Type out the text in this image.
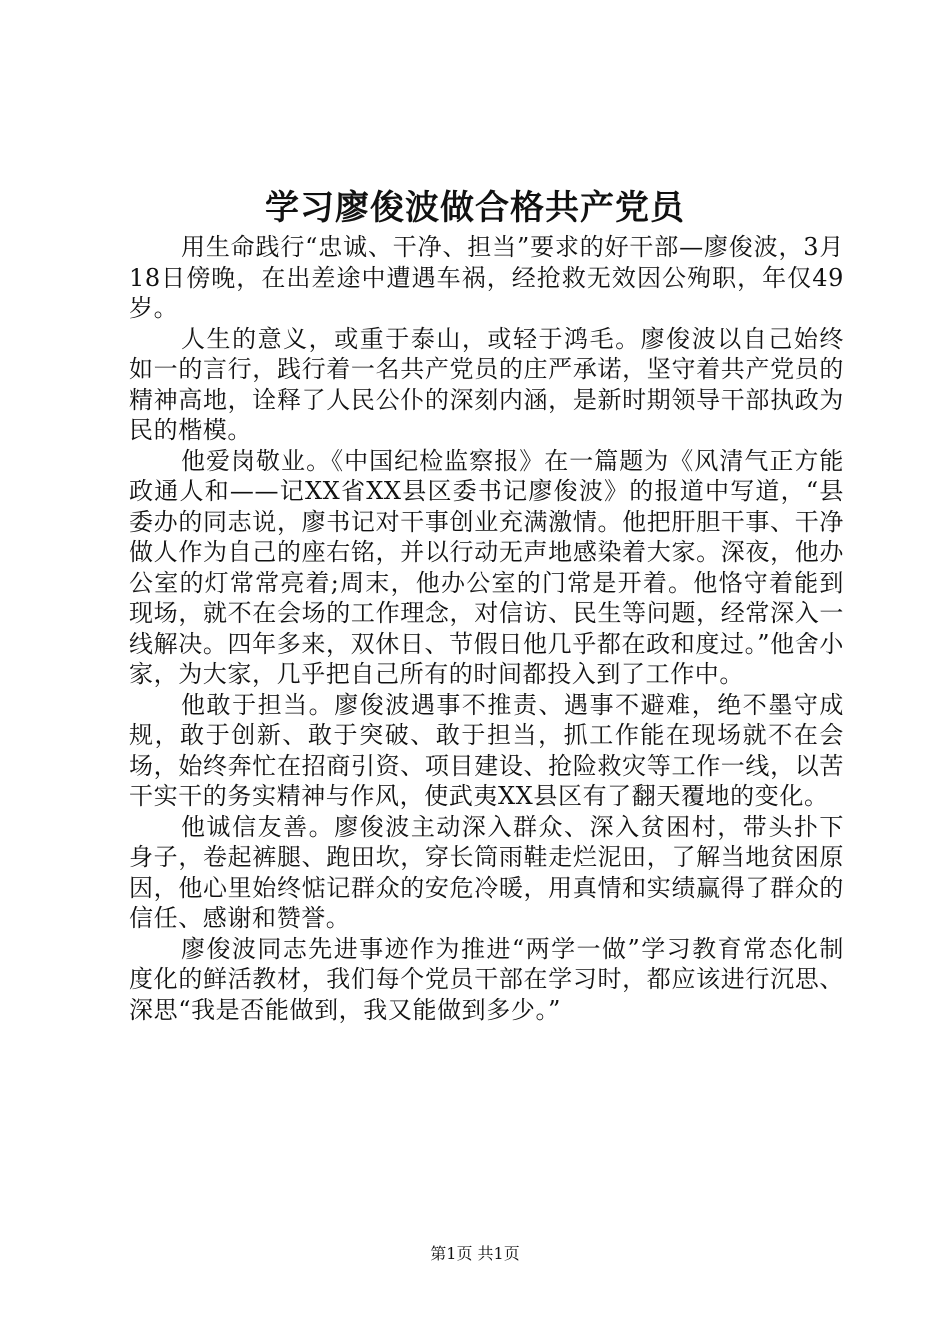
学习廖俊波做合格共产党员

用生命践行“忠诚、干净、担当”要求的好干部—廖俊波，3月18日傍晚，在出差途中遭遇车祸，经抢救无效因公殉职，年仅49岁。

人生的意义，或重于泰山，或轻于鸿毛。廖俊波以自己始终如一的言行，践行着一名共产党员的庄严承诺，坚守着共产党员的精神高地，诠释了人民公仆的深刻内涵，是新时期领导干部执政为民的楷模。

他爱岗敬业。《中国纪检监察报》在一篇题为《风清气正方能政通人和——记XX省XX县区委书记廖俊波》的报道中写道，“县委办的同志说，廖书记对干事创业充满激情。他把肝胆干事、干净做人作为自己的座右铭，并以行动无声地感染着大家。深夜，他办公室的灯常常亮着;周末，他办公室的门常是开着。他恪守着能到现场，就不在会场的工作理念，对信访、民生等问题，经常深入一线解决。四年多来，双休日、节假日他几乎都在政和度过。”他舍小家，为大家，几乎把自己所有的时间都投入到了工作中。

他敢于担当。廖俊波遇事不推责、遇事不避难，绝不墨守成规，敢于创新、敢于突破、敢于担当，抓工作能在现场就不在会场，始终奔忙在招商引资、项目建设、抢险救灾等工作一线，以苦干实干的务实精神与作风，使武夷XX县区有了翻天覆地的变化。

他诚信友善。廖俊波主动深入群众、深入贫困村，带头扑下身子，卷起裤腿、跑田坎，穿长筒雨鞋走烂泥田，了解当地贫困原因，他心里始终惦记群众的安危冷暖，用真情和实绩赢得了群众的信任、感谢和赞誉。

廖俊波同志先进事迹作为推进“两学一做”学习教育常态化制度化的鲜活教材，我们每个党员干部在学习时，都应该进行沉思、深思“我是否能做到，我又能做到多少。”

第1页 共1页
